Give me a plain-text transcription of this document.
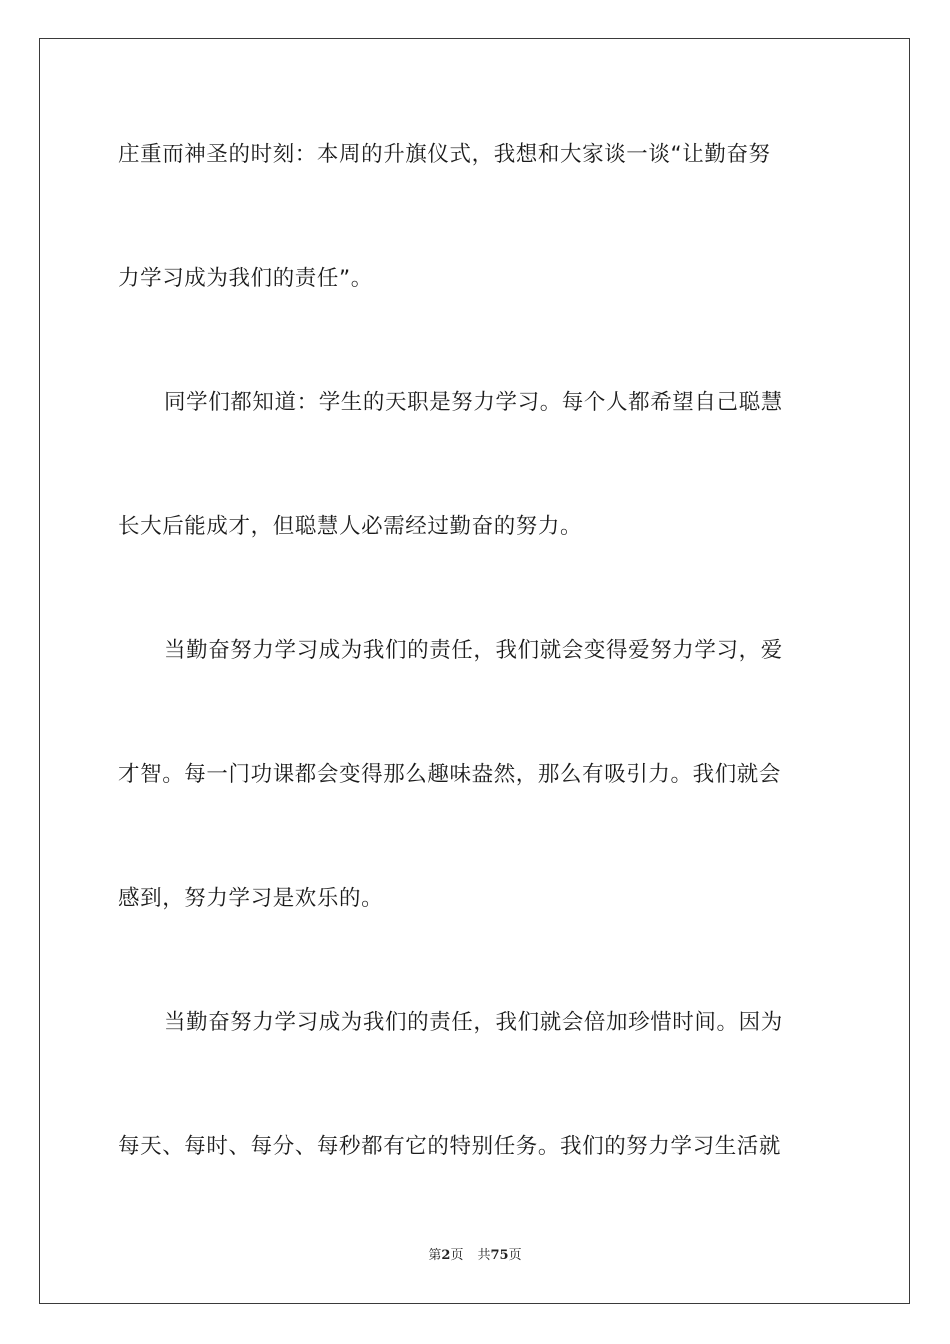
庄重而神圣的时刻：本周的升旗仪式，我想和大家谈一谈“让勤奋努
力学习成为我们的责任”。
同学们都知道：学生的天职是努力学习。每个人都希望自己聪慧
长大后能成才，但聪慧人必需经过勤奋的努力。
当勤奋努力学习成为我们的责任，我们就会变得爱努力学习，爱
才智。每一门功课都会变得那么趣味盎然，那么有吸引力。我们就会
感到，努力学习是欢乐的。
当勤奋努力学习成为我们的责任，我们就会倍加珍惜时间。因为
每天、每时、每分、每秒都有它的特别任务。我们的努力学习生活就
第2页 共75页
